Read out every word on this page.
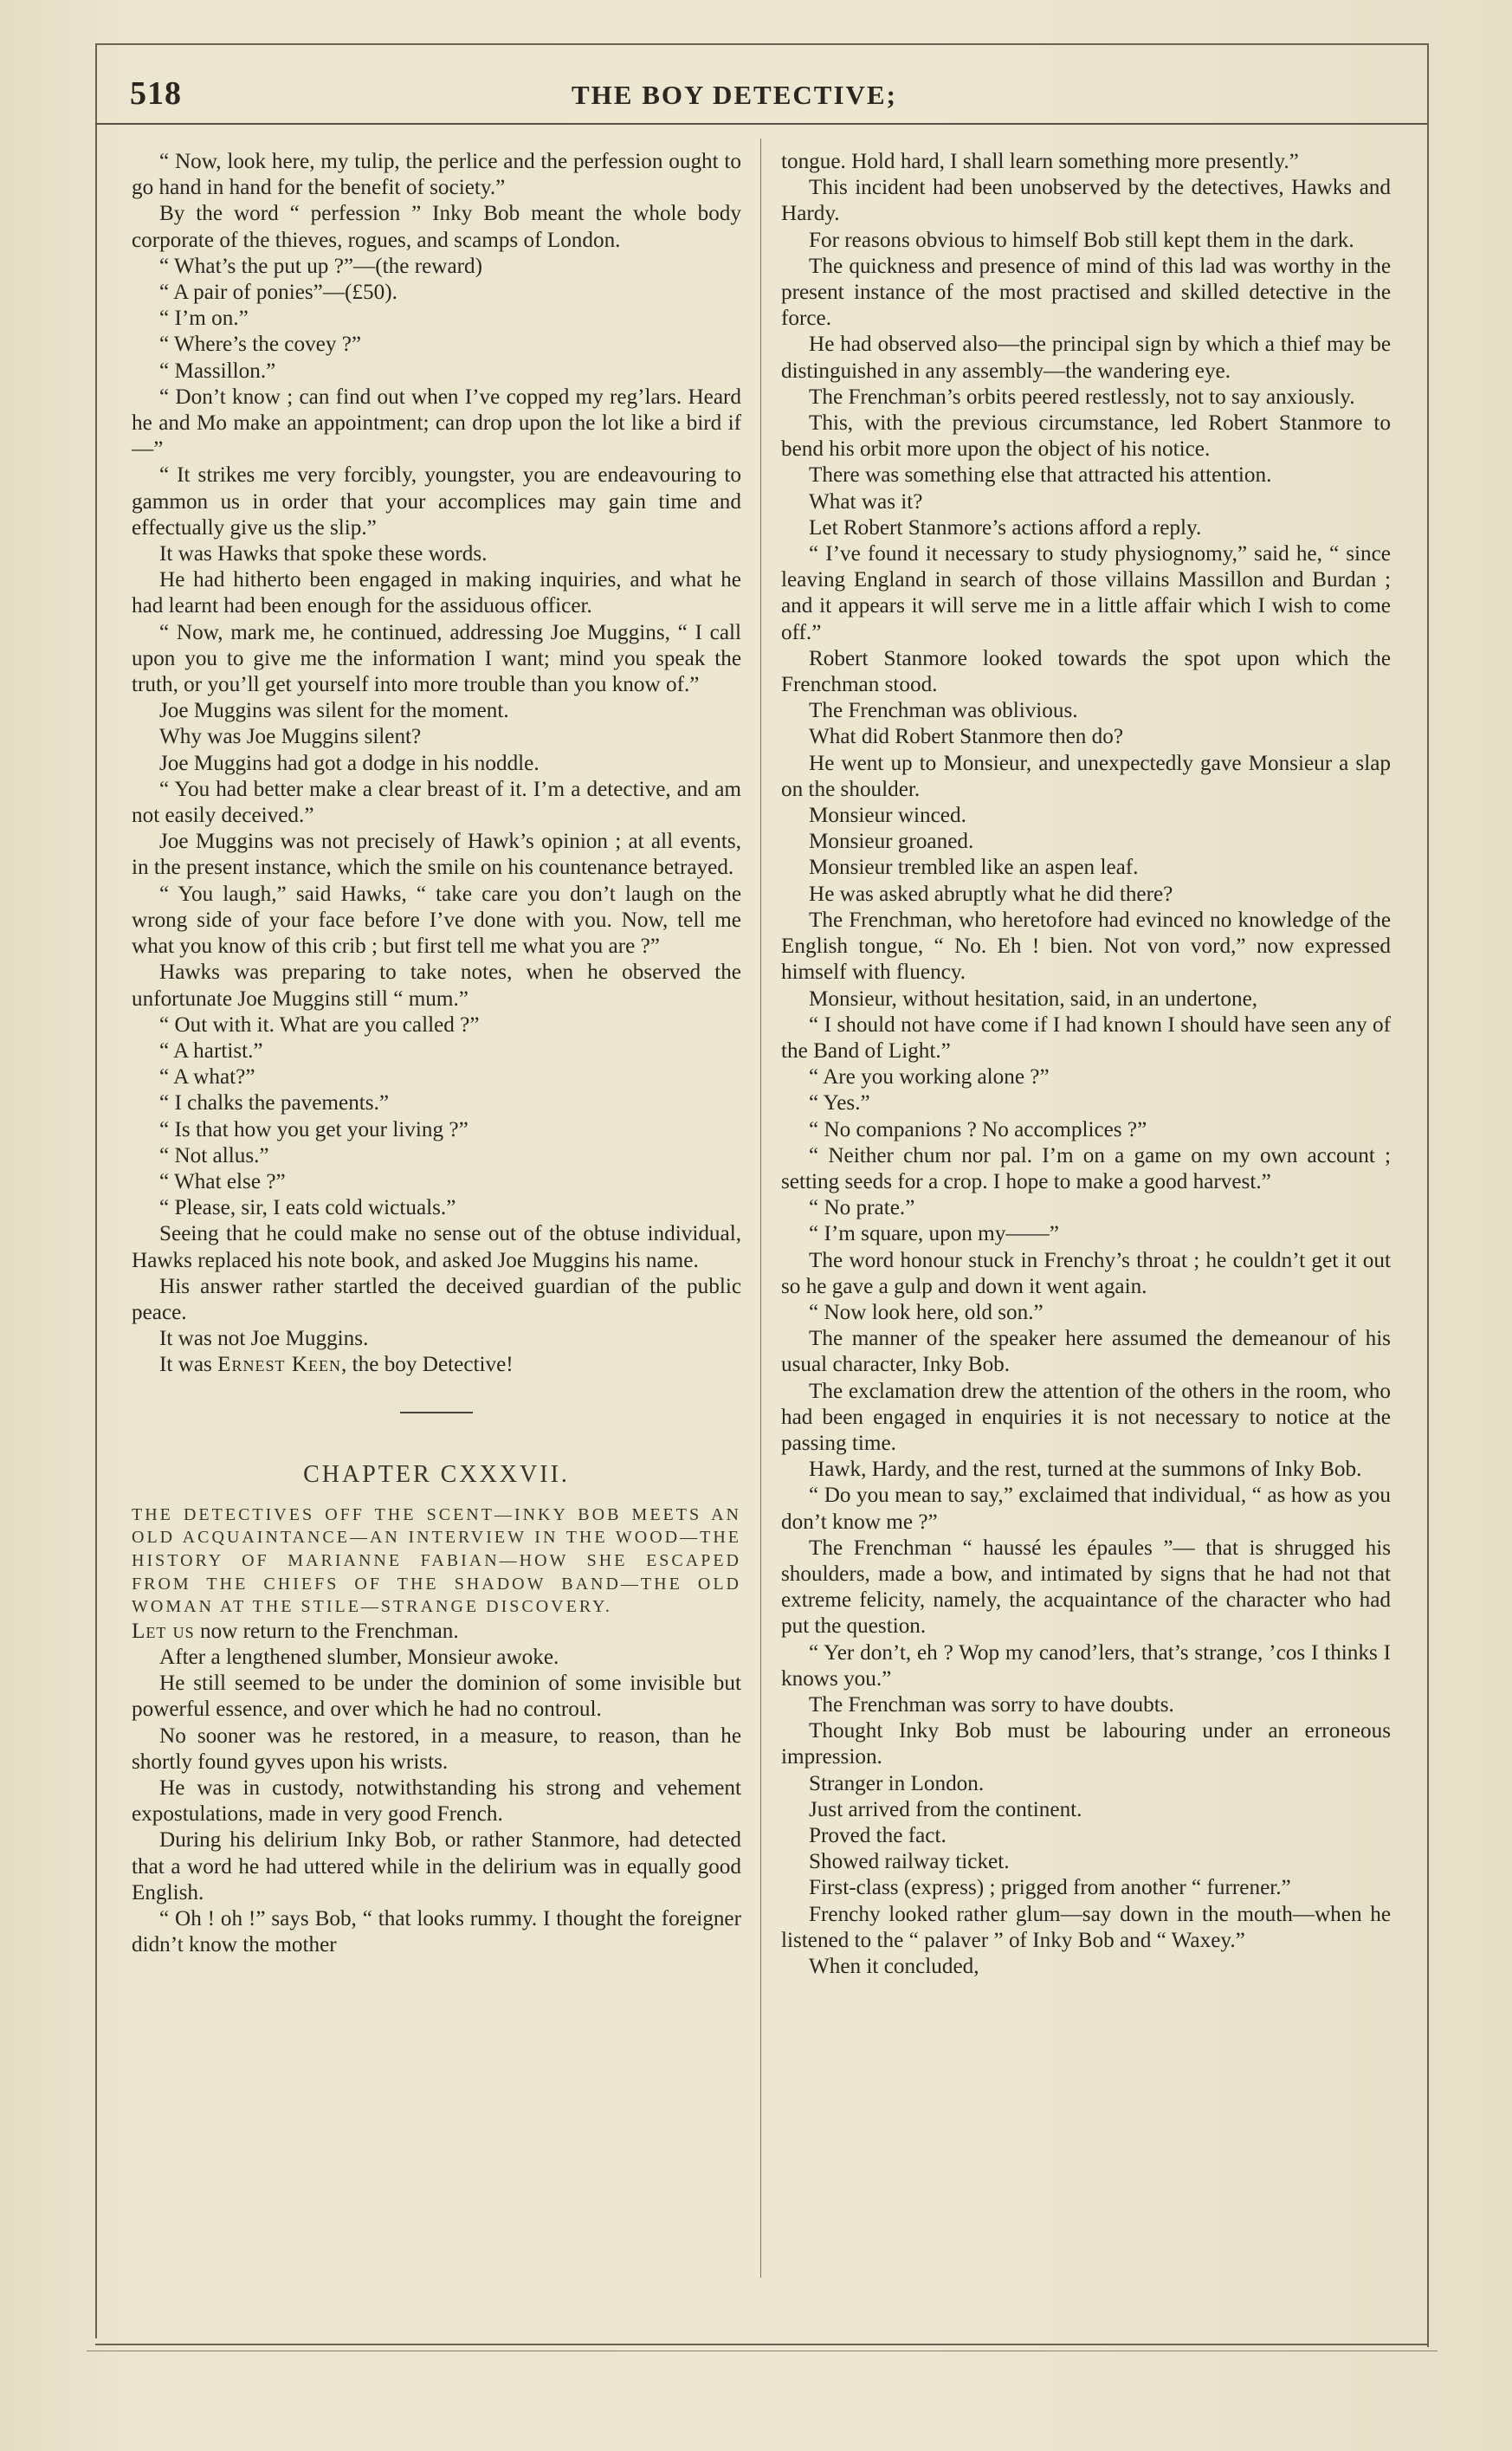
518	THE BOY DETECTIVE;

“ Now, look here, my tulip, the perlice and the perfession ought to go hand in hand for the benefit of society.”

By the word “ perfession ” Inky Bob meant the whole body corporate of the thieves, rogues, and scamps of London.

“ What’s the put up ?”—(the reward)

“ A pair of ponies”—(£50).

“ I’m on.”

“ Where’s the covey ?”

“ Massillon.”

“ Don’t know ; can find out when I’ve copped my reg’lars. Heard he and Mo make an appointment; can drop upon the lot like a bird if—”

“ It strikes me very forcibly, youngster, you are endeavouring to gammon us in order that your accomplices may gain time and effectually give us the slip.”

It was Hawks that spoke these words.

He had hitherto been engaged in making inquiries, and what he had learnt had been enough for the assiduous officer.

“ Now, mark me, he continued, addressing Joe Muggins, “ I call upon you to give me the information I want; mind you speak the truth, or you’ll get yourself into more trouble than you know of.”

Joe Muggins was silent for the moment.

Why was Joe Muggins silent?

Joe Muggins had got a dodge in his noddle.

“ You had better make a clear breast of it. I’m a detective, and am not easily deceived.”

Joe Muggins was not precisely of Hawk’s opinion ; at all events, in the present instance, which the smile on his countenance betrayed.

“ You laugh,” said Hawks, “ take care you don’t laugh on the wrong side of your face before I’ve done with you. Now, tell me what you know of this crib ; but first tell me what you are ?”

Hawks was preparing to take notes, when he observed the unfortunate Joe Muggins still “ mum.”

“ Out with it. What are you called ?”

“ A hartist.”

“ A what?”

“ I chalks the pavements.”

“ Is that how you get your living ?”

“ Not allus.”

“ What else ?”

“ Please, sir, I eats cold wictuals.”

Seeing that he could make no sense out of the obtuse individual, Hawks replaced his note book, and asked Joe Muggins his name.

His answer rather startled the deceived guardian of the public peace.

It was not Joe Muggins.

It was Ernest Keen, the boy Detective!

CHAPTER CXXXVII.

THE DETECTIVES OFF THE SCENT—INKY BOB MEETS AN OLD ACQUAINTANCE—AN INTERVIEW IN THE WOOD—THE HISTORY OF MARIANNE FABIAN—HOW SHE ESCAPED FROM THE CHIEFS OF THE SHADOW BAND—THE OLD WOMAN AT THE STILE—STRANGE DISCOVERY.

Let us now return to the Frenchman.

After a lengthened slumber, Monsieur awoke.

He still seemed to be under the dominion of some invisible but powerful essence, and over which he had no controul.

No sooner was he restored, in a measure, to reason, than he shortly found gyves upon his wrists.

He was in custody, notwithstanding his strong and vehement expostulations, made in very good French.

During his delirium Inky Bob, or rather Stanmore, had detected that a word he had uttered while in the delirium was in equally good English.

“ Oh ! oh !” says Bob, “ that looks rummy. I thought the foreigner didn’t know the mother

tongue. Hold hard, I shall learn something more presently.”

This incident had been unobserved by the detectives, Hawks and Hardy.

For reasons obvious to himself Bob still kept them in the dark.

The quickness and presence of mind of this lad was worthy in the present instance of the most practised and skilled detective in the force.

He had observed also—the principal sign by which a thief may be distinguished in any assembly—the wandering eye.

The Frenchman’s orbits peered restlessly, not to say anxiously.

This, with the previous circumstance, led Robert Stanmore to bend his orbit more upon the object of his notice.

There was something else that attracted his attention.

What was it?

Let Robert Stanmore’s actions afford a reply.

“ I’ve found it necessary to study physiognomy,” said he, “ since leaving England in search of those villains Massillon and Burdan ; and it appears it will serve me in a little affair which I wish to come off.”

Robert Stanmore looked towards the spot upon which the Frenchman stood.

The Frenchman was oblivious.

What did Robert Stanmore then do?

He went up to Monsieur, and unexpectedly gave Monsieur a slap on the shoulder.

Monsieur winced.

Monsieur groaned.

Monsieur trembled like an aspen leaf.

He was asked abruptly what he did there?

The Frenchman, who heretofore had evinced no knowledge of the English tongue, “ No. Eh ! bien. Not von vord,” now expressed himself with fluency.

Monsieur, without hesitation, said, in an undertone,

“ I should not have come if I had known I should have seen any of the Band of Light.”

“ Are you working alone ?”

“ Yes.”

“ No companions ? No accomplices ?”

“ Neither chum nor pal. I’m on a game on my own account ; setting seeds for a crop. I hope to make a good harvest.”

“ No prate.”

“ I’m square, upon my——”

The word honour stuck in Frenchy’s throat ; he couldn’t get it out so he gave a gulp and down it went again.

“ Now look here, old son.”

The manner of the speaker here assumed the demeanour of his usual character, Inky Bob.

The exclamation drew the attention of the others in the room, who had been engaged in enquiries it is not necessary to notice at the passing time.

Hawk, Hardy, and the rest, turned at the summons of Inky Bob.

“ Do you mean to say,” exclaimed that individual, “ as how as you don’t know me ?”

The Frenchman “ haussé les épaules ”— that is shrugged his shoulders, made a bow, and intimated by signs that he had not that extreme felicity, namely, the acquaintance of the character who had put the question.

“ Yer don’t, eh ? Wop my canod’lers, that’s strange, ’cos I thinks I knows you.”

The Frenchman was sorry to have doubts.

Thought Inky Bob must be labouring under an erroneous impression.

Stranger in London.

Just arrived from the continent.

Proved the fact.

Showed railway ticket.

First-class (express) ; prigged from another “ furrener.”

Frenchy looked rather glum—say down in the mouth—when he listened to the “ palaver ” of Inky Bob and “ Waxey.”

When it concluded,
